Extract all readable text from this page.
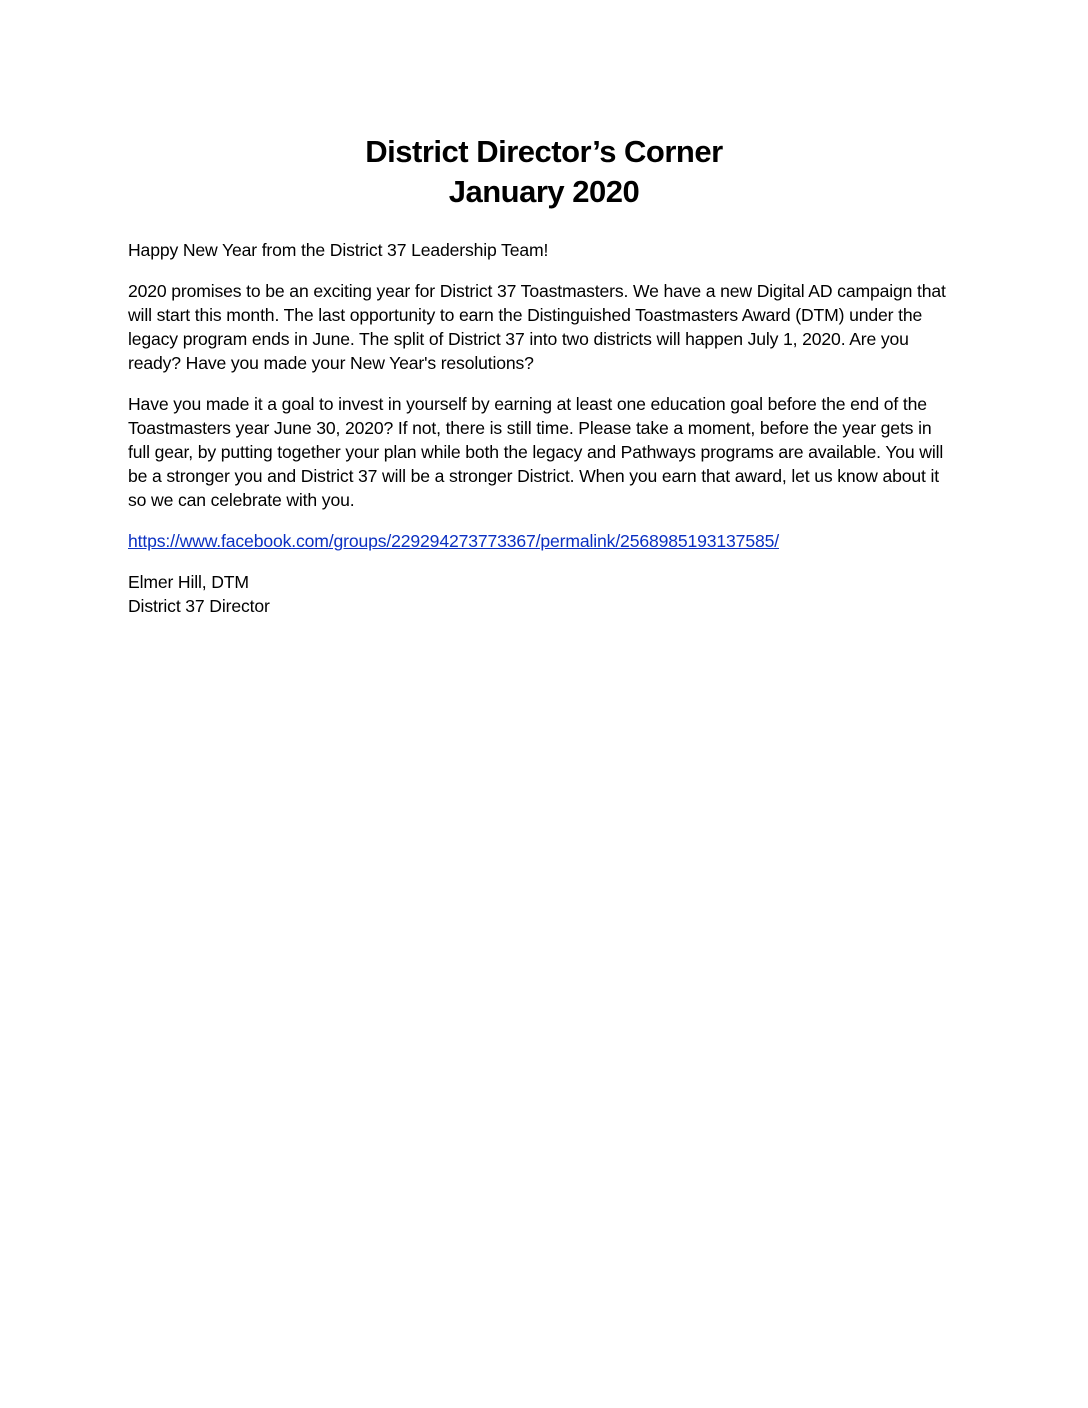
District Director’s Corner
January 2020

Happy New Year from the District 37 Leadership Team!

2020 promises to be an exciting year for District 37 Toastmasters. We have a new Digital AD campaign that will start this month. The last opportunity to earn the Distinguished Toastmasters Award (DTM) under the legacy program ends in June. The split of District 37 into two districts will happen July 1, 2020. Are you ready? Have you made your New Year's resolutions?

Have you made it a goal to invest in yourself by earning at least one education goal before the end of the Toastmasters year June 30, 2020? If not, there is still time. Please take a moment, before the year gets in full gear, by putting together your plan while both the legacy and Pathways programs are available. You will be a stronger you and District 37 will be a stronger District. When you earn that award, let us know about it so we can celebrate with you.

https://www.facebook.com/groups/229294273773367/permalink/2568985193137585/

Elmer Hill, DTM
District 37 Director
